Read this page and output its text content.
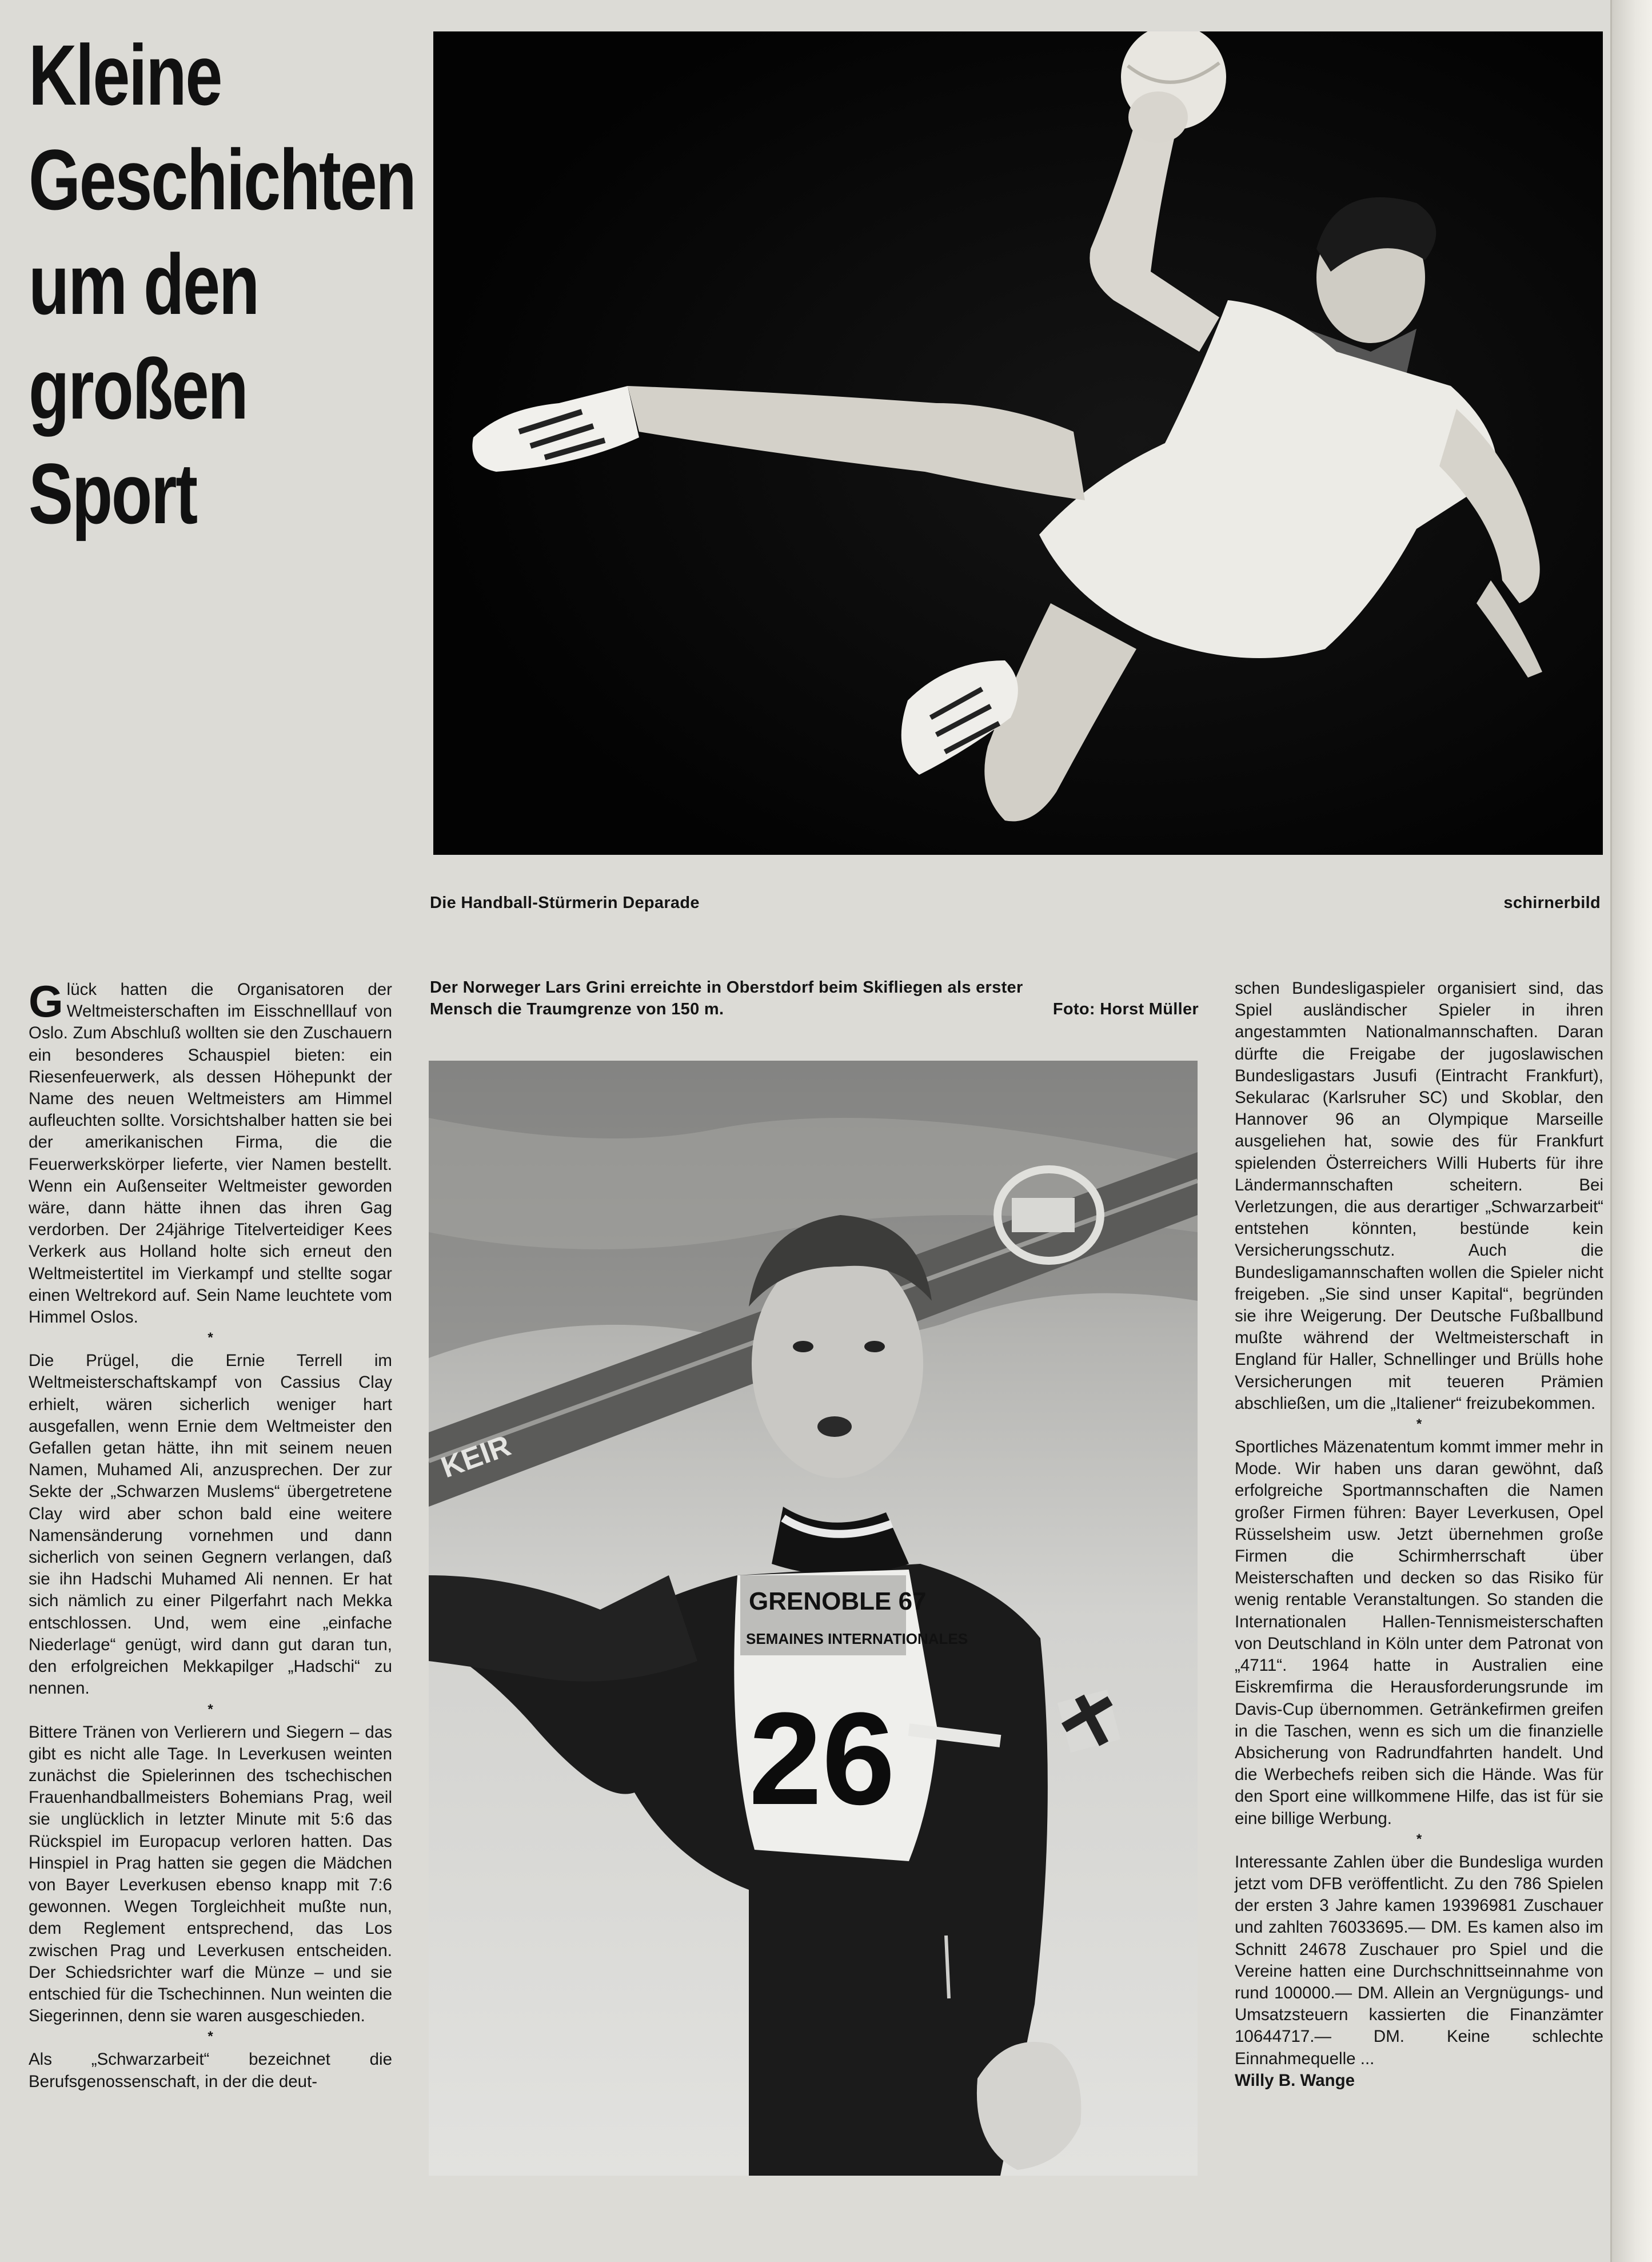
Kleine
Geschichten
um den
großen
Sport
Die Handball-Stürmerin Deparade	schirnerbild
Der Norweger Lars Grini erreichte in Oberstdorf beim Skifliegen als erster
Mensch die Traumgrenze von 150 m.	Foto: Horst Müller
KEIR
GRENOBLE 67
SEMAINES INTERNATIONALES
26

Glück hatten die Organisatoren der Weltmeisterschaften im Eisschnelllauf von Oslo. Zum Abschluß wollten sie den Zuschauern ein besonderes Schauspiel bieten: ein Riesenfeuerwerk, als dessen Höhepunkt der Name des neuen Weltmeisters am Himmel aufleuchten sollte. Vorsichtshalber hatten sie bei der amerikanischen Firma, die die Feuerwerkskörper lieferte, vier Namen bestellt. Wenn ein Außenseiter Weltmeister geworden wäre, dann hätte ihnen das ihren Gag verdorben. Der 24jährige Titelverteidiger Kees Verkerk aus Holland holte sich erneut den Weltmeistertitel im Vierkampf und stellte sogar einen Weltrekord auf. Sein Name leuchtete vom Himmel Oslos.

*

Die Prügel, die Ernie Terrell im Weltmeisterschaftskampf von Cassius Clay erhielt, wären sicherlich weniger hart ausgefallen, wenn Ernie dem Weltmeister den Gefallen getan hätte, ihn mit seinem neuen Namen, Muhamed Ali, anzusprechen. Der zur Sekte der „Schwarzen Muslems“ übergetretene Clay wird aber schon bald eine weitere Namensänderung vornehmen und dann sicherlich von seinen Gegnern verlangen, daß sie ihn Hadschi Muhamed Ali nennen. Er hat sich nämlich zu einer Pilgerfahrt nach Mekka entschlossen. Und, wem eine „einfache Niederlage“ genügt, wird dann gut daran tun, den erfolgreichen Mekkapilger „Hadschi“ zu nennen.

*

Bittere Tränen von Verlierern und Siegern – das gibt es nicht alle Tage. In Leverkusen weinten zunächst die Spielerinnen des tschechischen Frauenhandballmeisters Bohemians Prag, weil sie unglücklich in letzter Minute mit 5:6 das Rückspiel im Europacup verloren hatten. Das Hinspiel in Prag hatten sie gegen die Mädchen von Bayer Leverkusen ebenso knapp mit 7:6 gewonnen. Wegen Torgleichheit mußte nun, dem Reglement entsprechend, das Los zwischen Prag und Leverkusen entscheiden. Der Schiedsrichter warf die Münze – und sie entschied für die Tschechinnen. Nun weinten die Siegerinnen, denn sie waren ausgeschieden.

*

Als „Schwarzarbeit“ bezeichnet die Berufsgenossenschaft, in der die deut-

schen Bundesligaspieler organisiert sind, das Spiel ausländischer Spieler in ihren angestammten Nationalmannschaften. Daran dürfte die Freigabe der jugoslawischen Bundesligastars Jusufi (Eintracht Frankfurt), Sekularac (Karlsruher SC) und Skoblar, den Hannover 96 an Olympique Marseille ausgeliehen hat, sowie des für Frankfurt spielenden Österreichers Willi Huberts für ihre Ländermannschaften scheitern. Bei Verletzungen, die aus derartiger „Schwarzarbeit“ entstehen könnten, bestünde kein Versicherungsschutz. Auch die Bundesligamannschaften wollen die Spieler nicht freigeben. „Sie sind unser Kapital“, begründen sie ihre Weigerung. Der Deutsche Fußballbund mußte während der Weltmeisterschaft in England für Haller, Schnellinger und Brülls hohe Versicherungen mit teueren Prämien abschließen, um die „Italiener“ freizubekommen.

*

Sportliches Mäzenatentum kommt immer mehr in Mode. Wir haben uns daran gewöhnt, daß erfolgreiche Sportmannschaften die Namen großer Firmen führen: Bayer Leverkusen, Opel Rüsselsheim usw. Jetzt übernehmen große Firmen die Schirmherrschaft über Meisterschaften und decken so das Risiko für wenig rentable Veranstaltungen. So standen die Internationalen Hallen-Tennismeisterschaften von Deutschland in Köln unter dem Patronat von „4711“. 1964 hatte in Australien eine Eiskremfirma die Herausforderungsrunde im Davis-Cup übernommen. Getränkefirmen greifen in die Taschen, wenn es sich um die finanzielle Absicherung von Radrundfahrten handelt. Und die Werbechefs reiben sich die Hände. Was für den Sport eine willkommene Hilfe, das ist für sie eine billige Werbung.

*

Interessante Zahlen über die Bundesliga wurden jetzt vom DFB veröffentlicht. Zu den 786 Spielen der ersten 3 Jahre kamen 19396981 Zuschauer und zahlten 76033695.— DM. Es kamen also im Schnitt 24678 Zuschauer pro Spiel und die Vereine hatten eine Durchschnittseinnahme von rund 100000.— DM. Allein an Vergnügungs- und Umsatzsteuern kassierten die Finanzämter 10644717.— DM. Keine schlechte Einnahmequelle ...

Willy B. Wange
